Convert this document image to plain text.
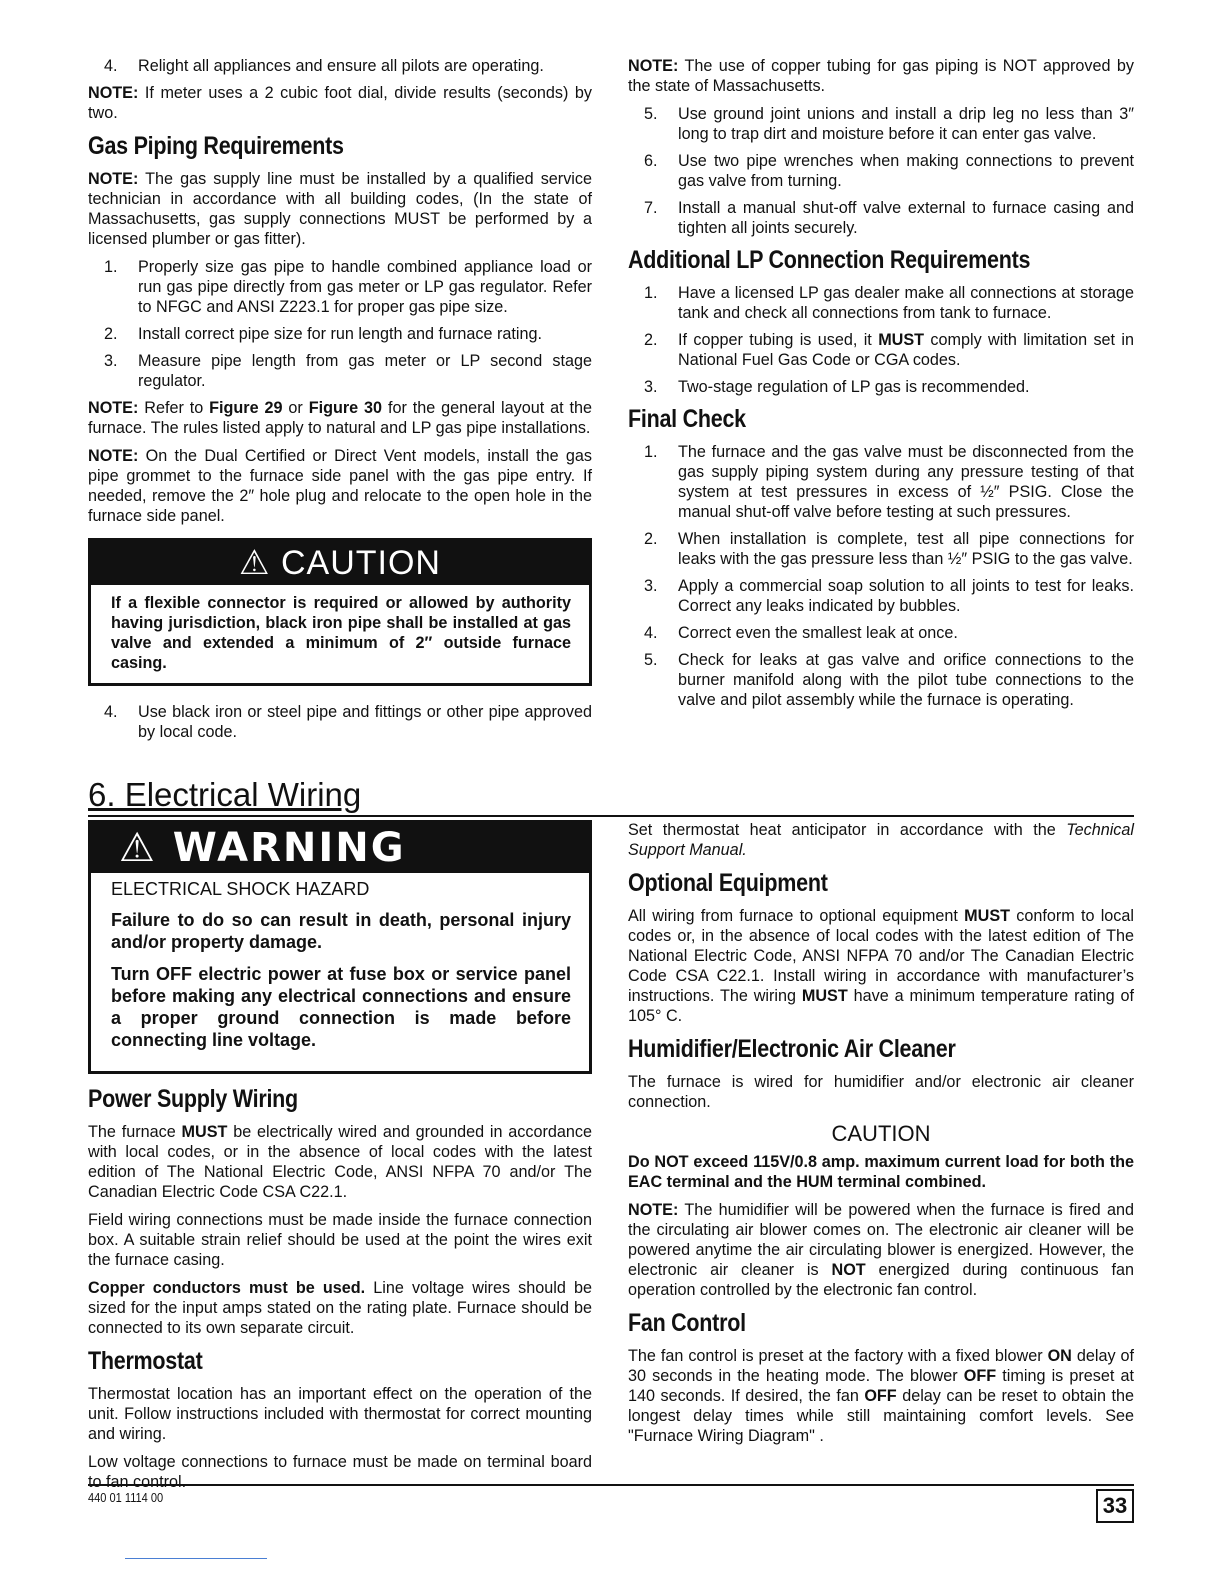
4. Relight all appliances and ensure all pilots are operating.

NOTE: If meter uses a 2 cubic foot dial, divide results (seconds) by two.

Gas Piping Requirements

NOTE: The gas supply line must be installed by a qualified service technician in accordance with all building codes, (In the state of Massachusetts, gas supply connections MUST be performed by a licensed plumber or gas fitter).

1. Properly size gas pipe to handle combined appliance load or run gas pipe directly from gas meter or LP gas regulator. Refer to NFGC and ANSI Z223.1 for proper gas pipe size.
2. Install correct pipe size for run length and furnace rating.
3. Measure pipe length from gas meter or LP second stage regulator.

NOTE: Refer to Figure 29 or Figure 30 for the general layout at the furnace. The rules listed apply to natural and LP gas pipe installations.

NOTE: On the Dual Certified or Direct Vent models, install the gas pipe grommet to the furnace side panel with the gas pipe entry. If needed, remove the 2″ hole plug and relocate to the open hole in the furnace side panel.

⚠ CAUTION
If a flexible connector is required or allowed by authority having jurisdiction, black iron pipe shall be installed at gas valve and extended a minimum of 2″ outside furnace casing.
4. Use black iron or steel pipe and fittings or other pipe approved by local code.

NOTE: The use of copper tubing for gas piping is NOT approved by the state of Massachusetts.

5. Use ground joint unions and install a drip leg no less than 3″ long to trap dirt and moisture before it can enter gas valve.
6. Use two pipe wrenches when making connections to prevent gas valve from turning.
7. Install a manual shut-off valve external to furnace casing and tighten all joints securely.
Additional LP Connection Requirements
1. Have a licensed LP gas dealer make all connections at storage tank and check all connections from tank to furnace.
2. If copper tubing is used, it MUST comply with limitation set in National Fuel Gas Code or CGA codes.
3. Two-stage regulation of LP gas is recommended.
Final Check
1. The furnace and the gas valve must be disconnected from the gas supply piping system during any pressure testing of that system at test pressures in excess of ½″ PSIG. Close the manual shut-off valve before testing at such pressures.
2. When installation is complete, test all pipe connections for leaks with the gas pressure less than ½″ PSIG to the gas valve.
3. Apply a commercial soap solution to all joints to test for leaks. Correct any leaks indicated by bubbles.
4. Correct even the smallest leak at once.
5. Check for leaks at gas valve and orifice connections to the burner manifold along with the pilot tube connections to the valve and pilot assembly while the furnace is operating.
6. Electrical Wiring
⚠ WARNING
ELECTRICAL SHOCK HAZARD

Failure to do so can result in death, personal injury and/or property damage.

Turn OFF electric power at fuse box or service panel before making any electrical connections and ensure a proper ground connection is made before connecting line voltage.

Power Supply Wiring

The furnace MUST be electrically wired and grounded in accordance with local codes, or in the absence of local codes with the latest edition of The National Electric Code, ANSI NFPA 70 and/or The Canadian Electric Code CSA C22.1.

Field wiring connections must be made inside the furnace connection box. A suitable strain relief should be used at the point the wires exit the furnace casing.

Copper conductors must be used. Line voltage wires should be sized for the input amps stated on the rating plate. Furnace should be connected to its own separate circuit.

Thermostat

Thermostat location has an important effect on the operation of the unit. Follow instructions included with thermostat for correct mounting and wiring.

Low voltage connections to furnace must be made on terminal board to fan control.

Set thermostat heat anticipator in accordance with the Technical Support Manual.

Optional Equipment

All wiring from furnace to optional equipment MUST conform to local codes or, in the absence of local codes with the latest edition of The National Electric Code, ANSI NFPA 70 and/or The Canadian Electric Code CSA C22.1. Install wiring in accordance with manufacturer’s instructions. The wiring MUST have a minimum temperature rating of 105° C.

Humidifier/Electronic Air Cleaner

The furnace is wired for humidifier and/or electronic air cleaner connection.

CAUTION

Do NOT exceed 115V/0.8 amp. maximum current load for both the EAC terminal and the HUM terminal combined.

NOTE: The humidifier will be powered when the furnace is fired and the circulating air blower comes on. The electronic air cleaner will be powered anytime the air circulating blower is energized. However, the electronic air cleaner is NOT energized during continuous fan operation controlled by the electronic fan control.

Fan Control

The fan control is preset at the factory with a fixed blower ON delay of 30 seconds in the heating mode. The blower OFF timing is preset at 140 seconds. If desired, the fan OFF delay can be reset to obtain the longest delay times while still maintaining comfort levels. See "Furnace Wiring Diagram" .

440 01 1114 00	33
